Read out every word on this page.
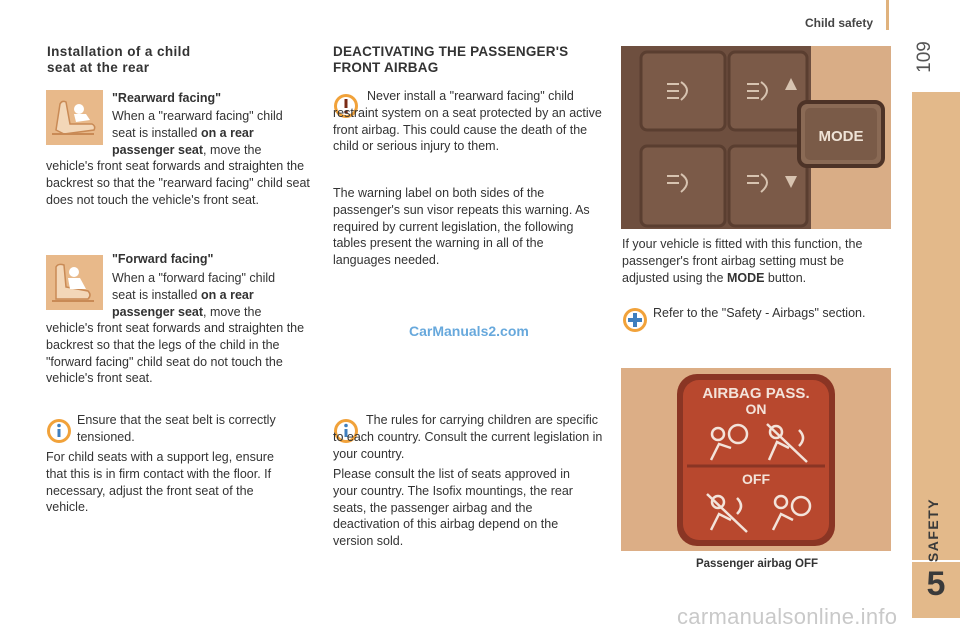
Child safety
109
SAFETY
5
Installation of a child
seat at the rear
"Rearward facing"
When a "rearward facing" child
seat is installed on a rear
passenger seat, move the
vehicle's front seat forwards and straighten the backrest so that the "rearward facing" child seat does not touch the vehicle's front seat.
"Forward facing"
When a "forward facing" child
seat is installed on a rear
passenger seat, move the
vehicle's front seat forwards and straighten the backrest so that the legs of the child in the "forward facing" child seat do not touch the vehicle's front seat.
Ensure that the seat belt is correctly tensioned.
For child seats with a support leg, ensure that this is in firm contact with the floor. If necessary, adjust the front seat of the vehicle.
DEACTIVATING THE PASSENGER'S
FRONT AIRBAG
Never install a "rearward facing" child restraint system on a seat protected by an active front airbag. This could cause the death of the child or serious injury to them.
The warning label on both sides of the passenger's sun visor repeats this warning. As required by current legislation, the following tables present the warning in all of the languages needed.
CarManuals2.com
The rules for carrying children are specific to each country. Consult the current legislation in your country.
Please consult the list of seats approved in your country. The Isofix mountings, the rear seats, the passenger airbag and the deactivation of this airbag depend on the version sold.
MODE
If your vehicle is fitted with this function, the passenger's front airbag setting must be adjusted using the MODE button.
Refer to the "Safety - Airbags" section.
AIRBAG PASS.
ON
OFF
Passenger airbag OFF
carmanualsonline.info
